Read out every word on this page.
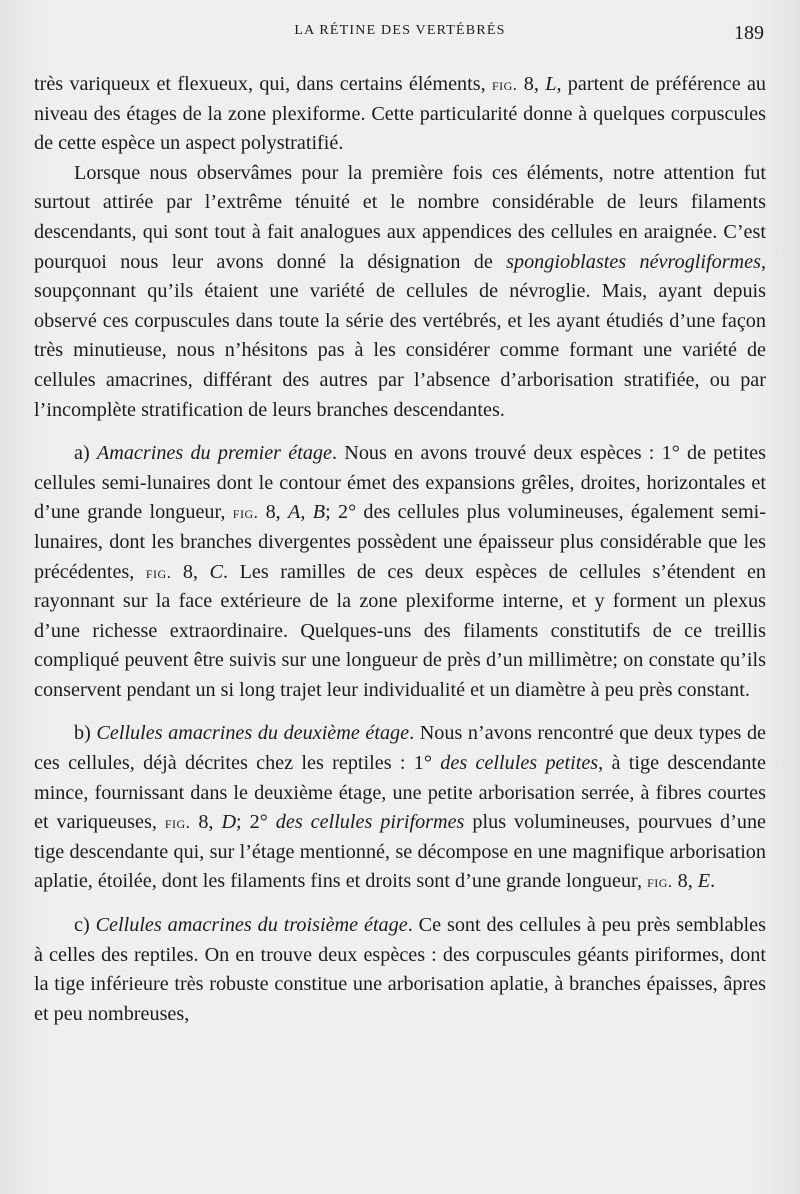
LA RÉTINE DES VERTÉBRÉS	189

très variqueux et flexueux, qui, dans certains éléments, fig. 8, L, partent de préférence au niveau des étages de la zone plexiforme. Cette particularité donne à quelques corpuscules de cette espèce un aspect polystratifié.

Lorsque nous observâmes pour la première fois ces éléments, notre attention fut surtout attirée par l’extrême ténuité et le nombre considérable de leurs filaments descendants, qui sont tout à fait analogues aux appendices des cellules en araignée. C’est pourquoi nous leur avons donné la désignation de spongioblastes névrogliformes, soupçonnant qu’ils étaient une variété de cellules de névroglie. Mais, ayant depuis observé ces corpuscules dans toute la série des vertébrés, et les ayant étudiés d’une façon très minutieuse, nous n’hésitons pas à les considérer comme formant une variété de cellules amacrines, différant des autres par l’absence d’arborisation stratifiée, ou par l’incomplète stratification de leurs branches descendantes.

a) Amacrines du premier étage. Nous en avons trouvé deux espèces : 1° de petites cellules semi-lunaires dont le contour émet des expansions grêles, droites, horizontales et d’une grande longueur, fig. 8, A, B; 2° des cellules plus volumineuses, également semi-lunaires, dont les branches divergentes possèdent une épaisseur plus considérable que les précédentes, fig. 8, C. Les ramilles de ces deux espèces de cellules s’étendent en rayonnant sur la face extérieure de la zone plexiforme interne, et y forment un plexus d’une richesse extraordinaire. Quelques-uns des filaments constitutifs de ce treillis compliqué peuvent être suivis sur une longueur de près d’un millimètre; on constate qu’ils conservent pendant un si long trajet leur individualité et un diamètre à peu près constant.

b) Cellules amacrines du deuxième étage. Nous n’avons rencontré que deux types de ces cellules, déjà décrites chez les reptiles : 1° des cellules petites, à tige descendante mince, fournissant dans le deuxième étage, une petite arborisation serrée, à fibres courtes et variqueuses, fig. 8, D; 2° des cellules piriformes plus volumineuses, pourvues d’une tige descendante qui, sur l’étage mentionné, se décompose en une magnifique arborisation aplatie, étoilée, dont les filaments fins et droits sont d’une grande longueur, fig. 8, E.

c) Cellules amacrines du troisième étage. Ce sont des cellules à peu près semblables à celles des reptiles. On en trouve deux espèces : des corpuscules géants piriformes, dont la tige inférieure très robuste constitue une arborisation aplatie, à branches épaisses, âpres et peu nombreuses,
